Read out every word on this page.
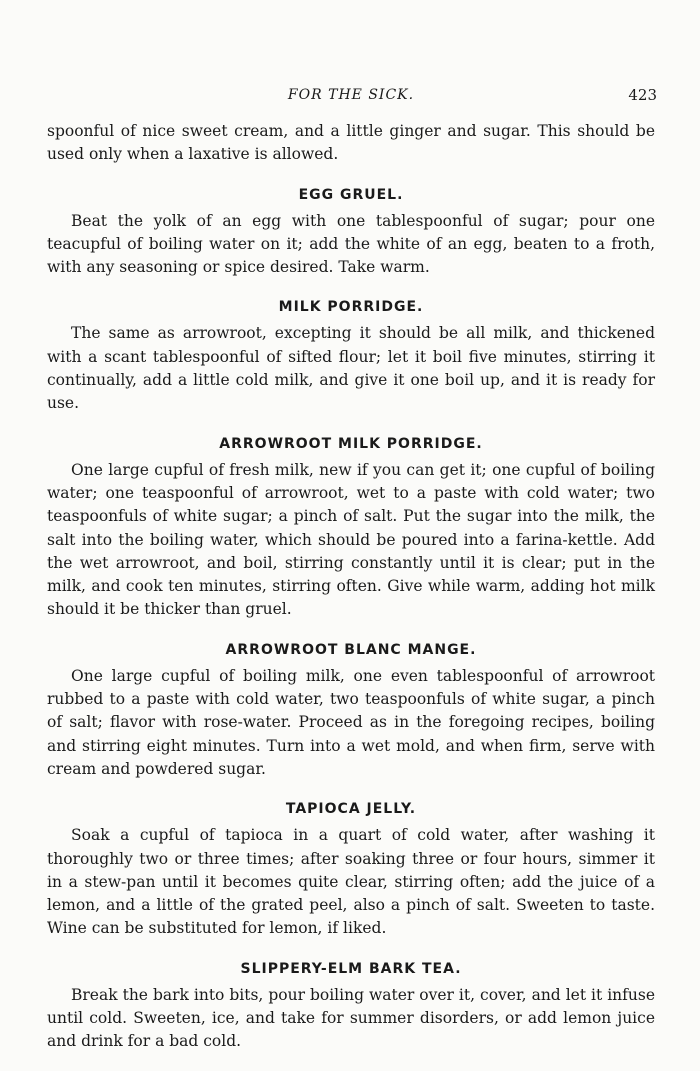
FOR THE SICK.	423

spoonful of nice sweet cream, and a little ginger and sugar. This should be used only when a laxative is allowed.

EGG GRUEL.

Beat the yolk of an egg with one tablespoonful of sugar; pour one teacupful of boiling water on it; add the white of an egg, beaten to a froth, with any seasoning or spice desired. Take warm.

MILK PORRIDGE.

The same as arrowroot, excepting it should be all milk, and thickened with a scant tablespoonful of sifted flour; let it boil five minutes, stirring it continually, add a little cold milk, and give it one boil up, and it is ready for use.

ARROWROOT MILK PORRIDGE.

One large cupful of fresh milk, new if you can get it; one cupful of boiling water; one teaspoonful of arrowroot, wet to a paste with cold water; two teaspoonfuls of white sugar; a pinch of salt. Put the sugar into the milk, the salt into the boiling water, which should be poured into a farina-kettle. Add the wet arrowroot, and boil, stirring constantly until it is clear; put in the milk, and cook ten minutes, stirring often. Give while warm, adding hot milk should it be thicker than gruel.

ARROWROOT BLANC MANGE.

One large cupful of boiling milk, one even tablespoonful of arrowroot rubbed to a paste with cold water, two teaspoonfuls of white sugar, a pinch of salt; flavor with rose-water. Proceed as in the foregoing recipes, boiling and stirring eight minutes. Turn into a wet mold, and when firm, serve with cream and powdered sugar.

TAPIOCA JELLY.

Soak a cupful of tapioca in a quart of cold water, after washing it thoroughly two or three times; after soaking three or four hours, simmer it in a stew-pan until it becomes quite clear, stirring often; add the juice of a lemon, and a little of the grated peel, also a pinch of salt. Sweeten to taste. Wine can be substituted for lemon, if liked.

SLIPPERY-ELM BARK TEA.

Break the bark into bits, pour boiling water over it, cover, and let it infuse until cold. Sweeten, ice, and take for summer disorders, or add lemon juice and drink for a bad cold.
